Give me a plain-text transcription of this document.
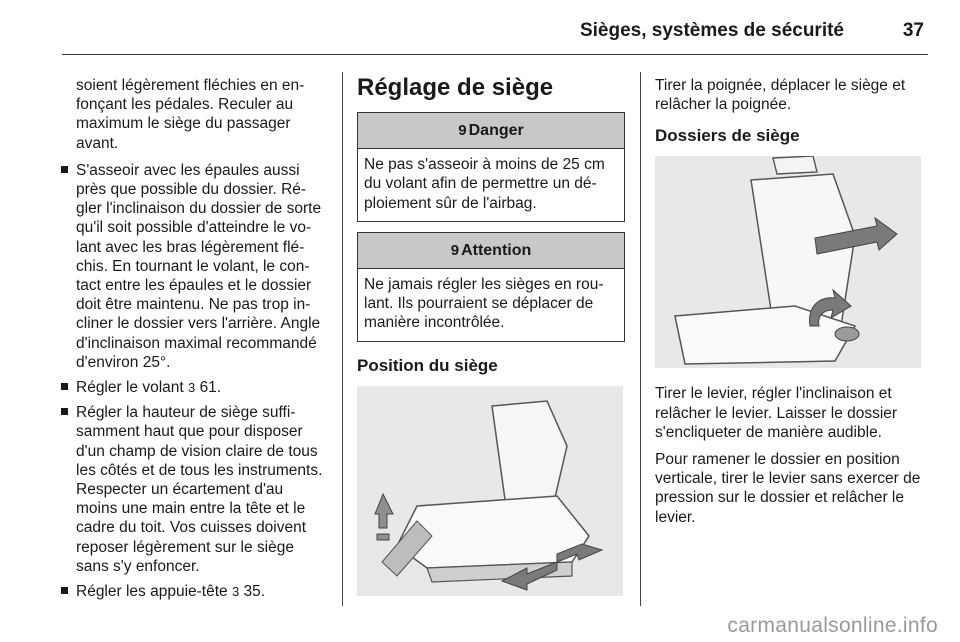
Sièges, systèmes de sécurité	37
soient légèrement fléchies en en-fonçant les pédales. Reculer au maximum le siège du passager avant.
S'asseoir avec les épaules aussi près que possible du dossier. Ré-gler l'inclinaison du dossier de sorte qu'il soit possible d'atteindre le vo-lant avec les bras légèrement flé-chis. En tournant le volant, le con-tact entre les épaules et le dossier doit être maintenu. Ne pas trop in-cliner le dossier vers l'arrière. Angle d'inclinaison maximal recommandé d'environ 25°.
Régler le volant 3 61.
Régler la hauteur de siège suffi-samment haut que pour disposer d'un champ de vision claire de tous les côtés et de tous les instruments. Respecter un écartement d'au moins une main entre la tête et le cadre du toit. Vos cuisses doivent reposer légèrement sur le siège sans s'y enfoncer.
Régler les appuie-tête 3 35.
Réglage de siège
9 Danger
Ne pas s'asseoir à moins de 25 cm du volant afin de permettre un dé-ploiement sûr de l'airbag.
9 Attention
Ne jamais régler les sièges en rou-lant. Ils pourraient se déplacer de manière incontrôlée.
Position du siège

Tirer la poignée, déplacer le siège et relâcher la poignée.

Dossiers de siège

Tirer le levier, régler l'inclinaison et relâcher le levier. Laisser le dossier s'encliqueter de manière audible.

Pour ramener le dossier en position verticale, tirer le levier sans exercer de pression sur le dossier et relâcher le levier.

carmanualsonline.info
